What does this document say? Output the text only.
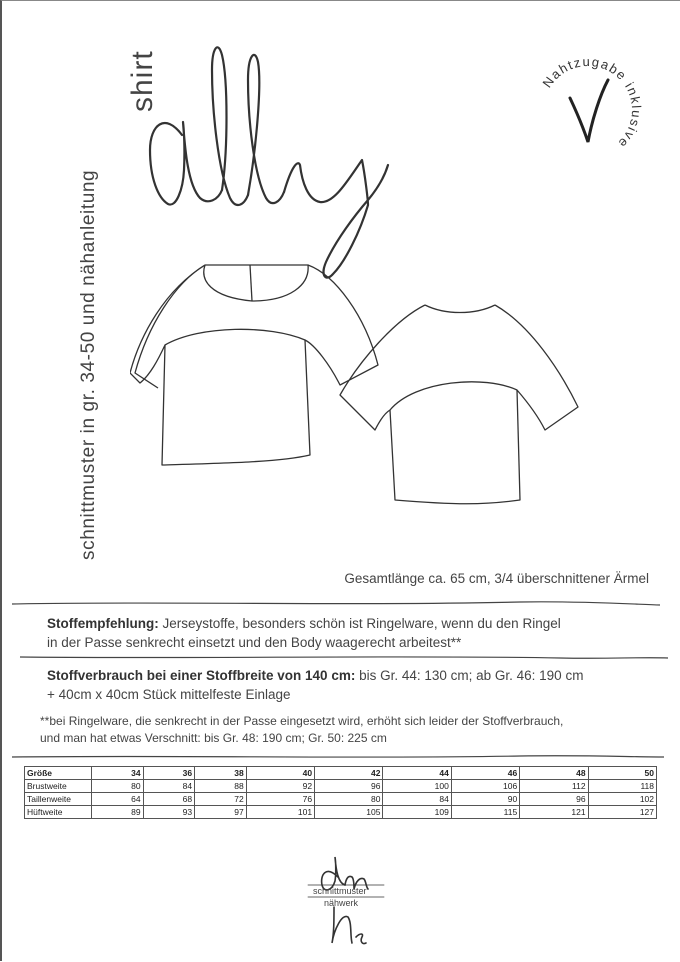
schnittmuster in gr. 34-50 und nähanleitung
shirt	Nahtzugabe inklusive
Gesamtlänge ca. 65 cm, 3/4 überschnittener Ärmel
Stoffempfehlung: Jerseystoffe, besonders schön ist Ringelware, wenn du den Ringel
in der Passe senkrecht einsetzt und den Body waagerecht arbeitest**
Stoffverbrauch bei einer Stoffbreite von 140 cm: bis Gr. 44: 130 cm; ab Gr. 46: 190 cm
+ 40cm x 40cm Stück mittelfeste Einlage
**bei Ringelware, die senkrecht in der Passe eingesetzt wird, erhöht sich leider der Stoffverbrauch,
und man hat etwas Verschnitt: bis Gr. 48: 190 cm; Gr. 50: 225 cm
Größe	34	36	38	40	42	44	46	48	50
Brustweite	80	84	88	92	96	100	106	112	118
Taillenweite	64	68	72	76	80	84	90	96	102
Hüftweite	89	93	97	101	105	109	115	121	127
schnittmuster
nähwerk
